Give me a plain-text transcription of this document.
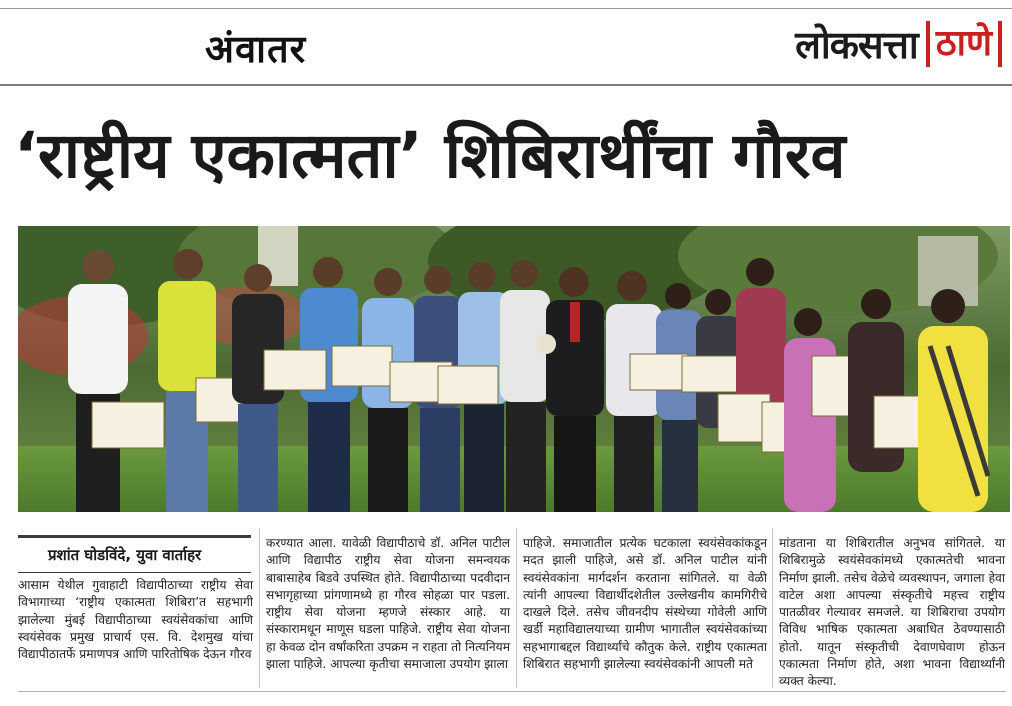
अंवातर	लोकसत्ता ठाणे
‘राष्ट्रीय एकात्मता’ शिबिरार्थींचा गौरव
प्रशांत घोडविंदे, युवा वार्ताहर
आसाम येथील गुवाहाटी विद्यापीठाच्या राष्ट्रीय सेवा विभागाच्या ‘राष्ट्रीय एकात्मता शिबिरा’त सहभागी झालेल्या मुंबई विद्यापीठाच्या स्वयंसेवकांचा आणि स्वयंसेवक प्रमुख प्राचार्य एस. वि. देशमुख यांचा विद्यापीठातर्फे प्रमाणपत्र आणि पारितोषिक देऊन गौरव
करण्यात आला. यावेळी विद्यापीठाचे डॉ. अनिल पाटील आणि विद्यापीठ राष्ट्रीय सेवा योजना समन्वयक बाबासाहेब बिडवे उपस्थित होते. विद्यापीठाच्या पदवीदान सभागृहाच्या प्रांगणामध्ये हा गौरव सोहळा पार पडला. राष्ट्रीय सेवा योजना म्हणजे संस्कार आहे. या संस्कारामधून माणूस घडला पाहिजे. राष्ट्रीय सेवा योजना हा केवळ दोन वर्षांकरिता उपक्रम न राहता तो नित्यनियम झाला पाहिजे. आपल्या कृतीचा समाजाला उपयोग झाला
पाहिजे. समाजातील प्रत्येक घटकाला स्वयंसेवकांकडून मदत झाली पाहिजे, असे डॉ. अनिल पाटील यांनी स्वयंसेवकांना मार्गदर्शन करताना सांगितले. या वेळी त्यांनी आपल्या विद्यार्थीदशेतील उल्लेखनीय कामगिरीचे दाखले दिले. तसेच जीवनदीप संस्थेच्या गोवेली आणि खर्डी महाविद्यालयाच्या ग्रामीण भागातील स्वयंसेवकांच्या सहभागाबद्दल विद्यार्थ्यांचे कौतुक केले. राष्ट्रीय एकात्मता शिबिरात सहभागी झालेल्या स्वयंसेवकांनी आपली मते
मांडताना या शिबिरातील अनुभव सांगितले. या शिबिरामुळे स्वयंसेवकांमध्ये एकात्मतेची भावना निर्माण झाली. तसेच वेळेचे व्यवस्थापन, जगाला हेवा वाटेल अशा आपल्या संस्कृतीचे महत्त्व राष्ट्रीय पातळीवर गेल्यावर समजले. या शिबिराचा उपयोग विविध भाषिक एकात्मता अबाधित ठेवण्यासाठी होतो. यातून संस्कृतीची देवाणघेवाण होऊन एकात्मता निर्माण होते, अशा भावना विद्यार्थ्यांनी व्यक्त केल्या.
